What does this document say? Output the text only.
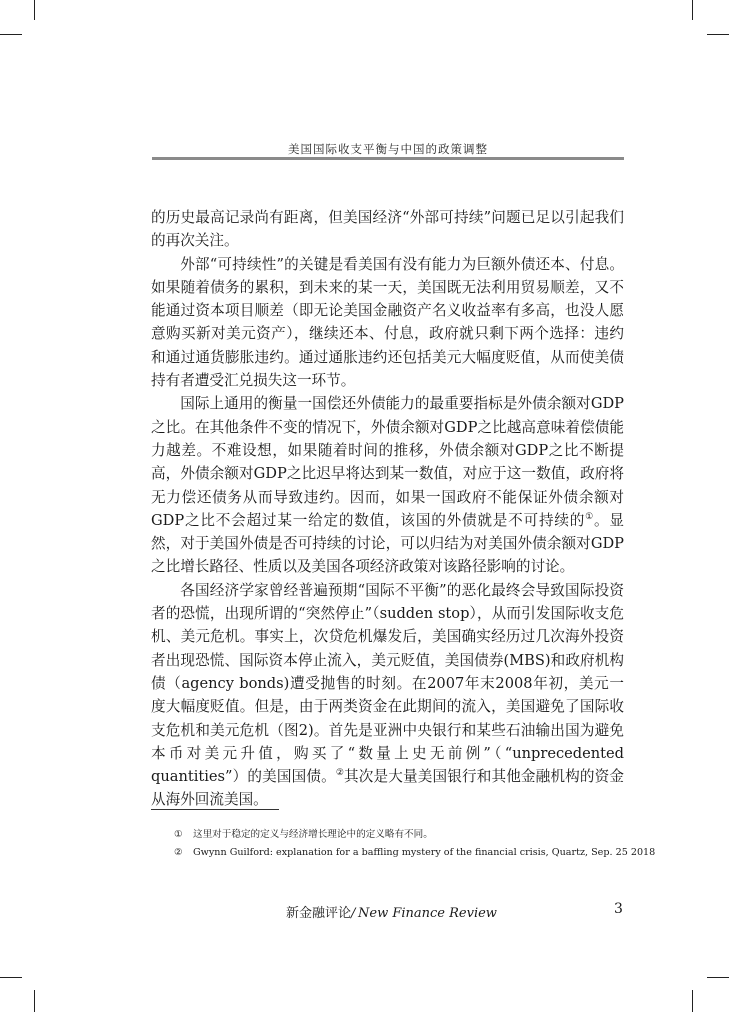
美国国际收支平衡与中国的政策调整

的历史最高记录尚有距离，但美国经济“外部可持续”问题已足以引起我们的再次关注。

外部“可持续性”的关键是看美国有没有能力为巨额外债还本、付息。如果随着债务的累积，到未来的某一天，美国既无法利用贸易顺差，又不能通过资本项目顺差（即无论美国金融资产名义收益率有多高，也没人愿意购买新对美元资产），继续还本、付息，政府就只剩下两个选择：违约和通过通货膨胀违约。通过通胀违约还包括美元大幅度贬值，从而使美债持有者遭受汇兑损失这一环节。

国际上通用的衡量一国偿还外债能力的最重要指标是外债余额对GDP之比。在其他条件不变的情况下，外债余额对GDP之比越高意味着偿债能力越差。不难设想，如果随着时间的推移，外债余额对GDP之比不断提高，外债余额对GDP之比迟早将达到某一数值，对应于这一数值，政府将无力偿还债务从而导致违约。因而，如果一国政府不能保证外债余额对GDP之比不会超过某一给定的数值，该国的外债就是不可持续的①。显然，对于美国外债是否可持续的讨论，可以归结为对美国外债余额对GDP之比增长路径、性质以及美国各项经济政策对该路径影响的讨论。

各国经济学家曾经普遍预期“国际不平衡”的恶化最终会导致国际投资者的恐慌，出现所谓的“突然停止”（sudden stop），从而引发国际收支危机、美元危机。事实上，次贷危机爆发后，美国确实经历过几次海外投资者出现恐慌、国际资本停止流入，美元贬值，美国债券(MBS)和政府机构债（agency bonds)遭受抛售的时刻。在2007年末2008年初，美元一度大幅度贬值。但是，由于两类资金在此期间的流入，美国避免了国际收支危机和美元危机（图2)。首先是亚洲中央银行和某些石油输出国为避免本币对美元升值，购买了“数量上史无前例”（“unprecedented quantities”）的美国国债。②其次是大量美国银行和其他金融机构的资金从海外回流美国。

① 这里对于稳定的定义与经济增长理论中的定义略有不同。
② Gwynn Guilford: explanation for a baffling mystery of the financial crisis, Quartz, Sep. 25 2018
新金融评论/  New Finance Review	3
